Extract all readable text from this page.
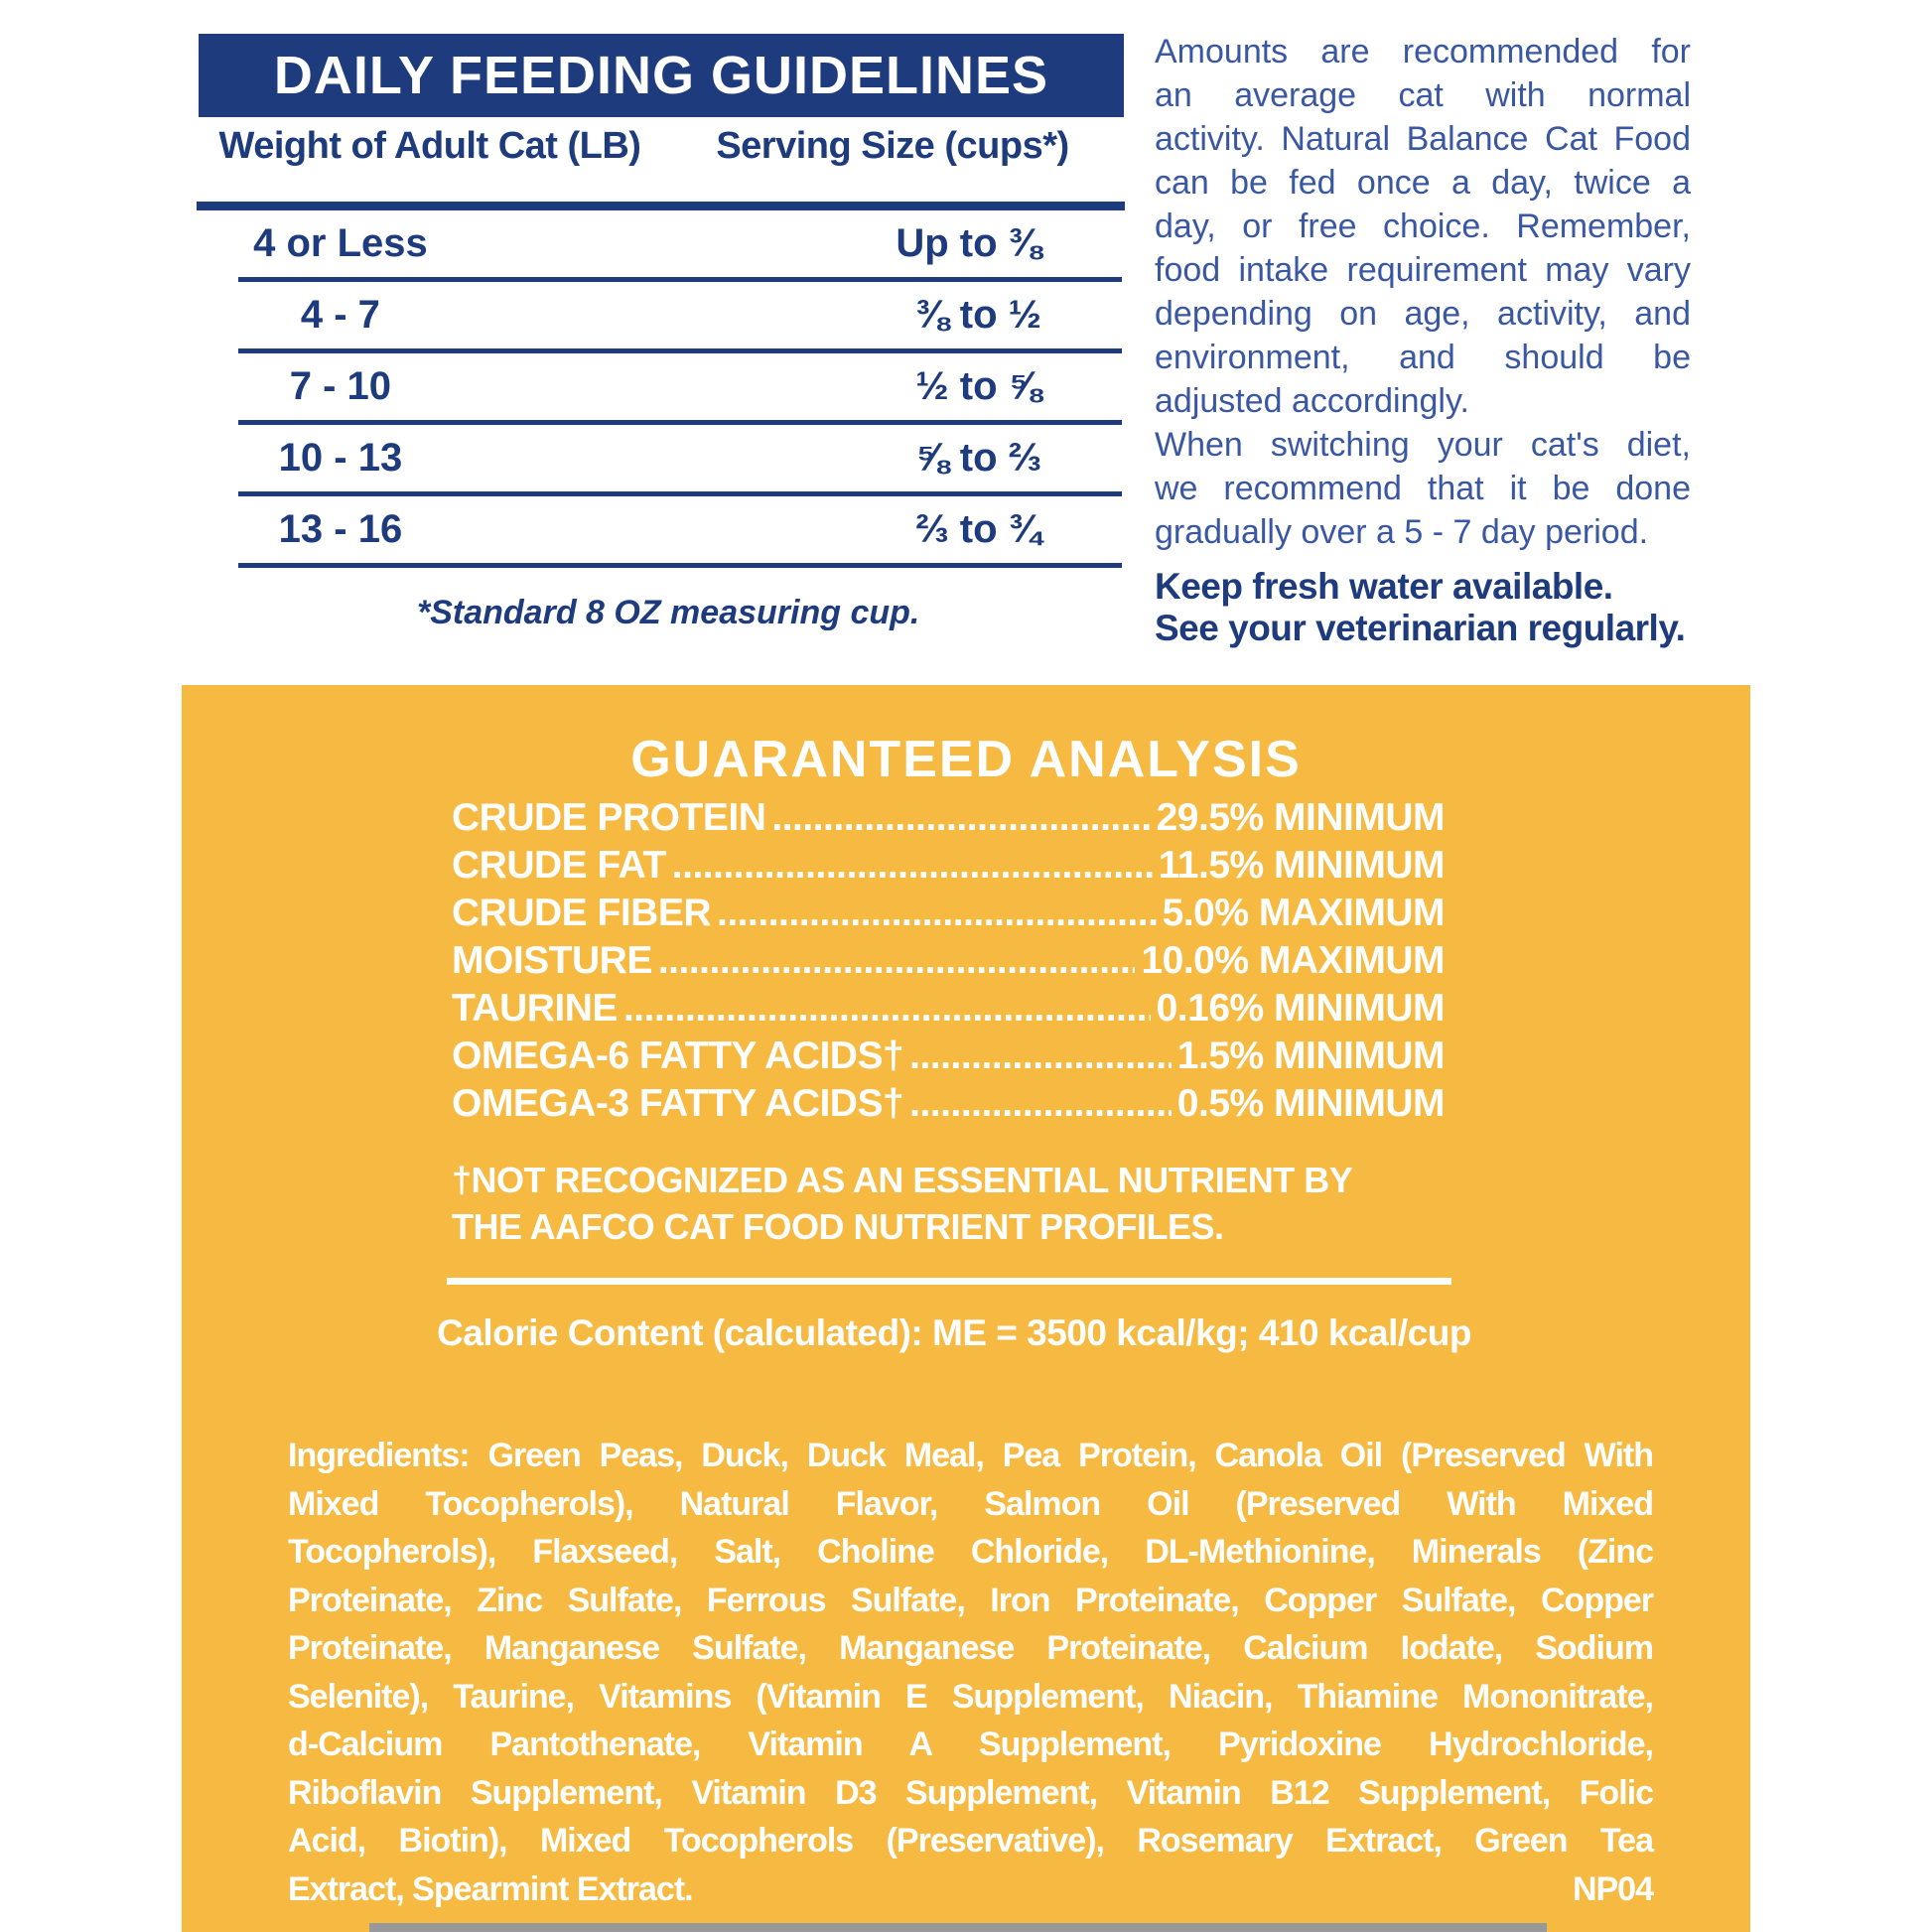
DAILY FEEDING GUIDELINES
Weight of Adult Cat (LB)	Serving Size (cups*)
4 or Less	Up to ⅜
4 - 7	⅜ to ½
7 - 10	½ to ⅝
10 - 13	⅝ to ⅔
13 - 16	⅔ to ¾
*Standard 8 OZ measuring cup.
Amounts are recommended for
an average cat with normal
activity. Natural Balance Cat Food
can be fed once a day, twice a
day, or free choice. Remember,
food intake requirement may vary
depending on age, activity, and
environment, and should be
adjusted accordingly.
When switching your cat's diet,
we recommend that it be done
gradually over a 5 - 7 day period.
Keep fresh water available.
See your veterinarian regularly.
GUARANTEED ANALYSIS
CRUDE PROTEIN .....	29.5% MINIMUM
CRUDE FAT .....	11.5% MINIMUM
CRUDE FIBER .....	5.0% MAXIMUM
MOISTURE .....	10.0% MAXIMUM
TAURINE .....	0.16% MINIMUM
OMEGA-6 FATTY ACIDS† .....	1.5% MINIMUM
OMEGA-3 FATTY ACIDS† .....	0.5% MINIMUM
†NOT RECOGNIZED AS AN ESSENTIAL NUTRIENT BY
THE AAFCO CAT FOOD NUTRIENT PROFILES.
Calorie Content (calculated): ME = 3500 kcal/kg; 410 kcal/cup
Ingredients: Green Peas, Duck, Duck Meal, Pea Protein, Canola Oil (Preserved With
Mixed Tocopherols), Natural Flavor, Salmon Oil (Preserved With Mixed
Tocopherols), Flaxseed, Salt, Choline Chloride, DL-Methionine, Minerals (Zinc
Proteinate, Zinc Sulfate, Ferrous Sulfate, Iron Proteinate, Copper Sulfate, Copper
Proteinate, Manganese Sulfate, Manganese Proteinate, Calcium Iodate, Sodium
Selenite), Taurine, Vitamins (Vitamin E Supplement, Niacin, Thiamine Mononitrate,
d-Calcium Pantothenate, Vitamin A Supplement, Pyridoxine Hydrochloride,
Riboflavin Supplement, Vitamin D3 Supplement, Vitamin B12 Supplement, Folic
Acid, Biotin), Mixed Tocopherols (Preservative), Rosemary Extract, Green Tea
Extract, Spearmint Extract.	NP04
